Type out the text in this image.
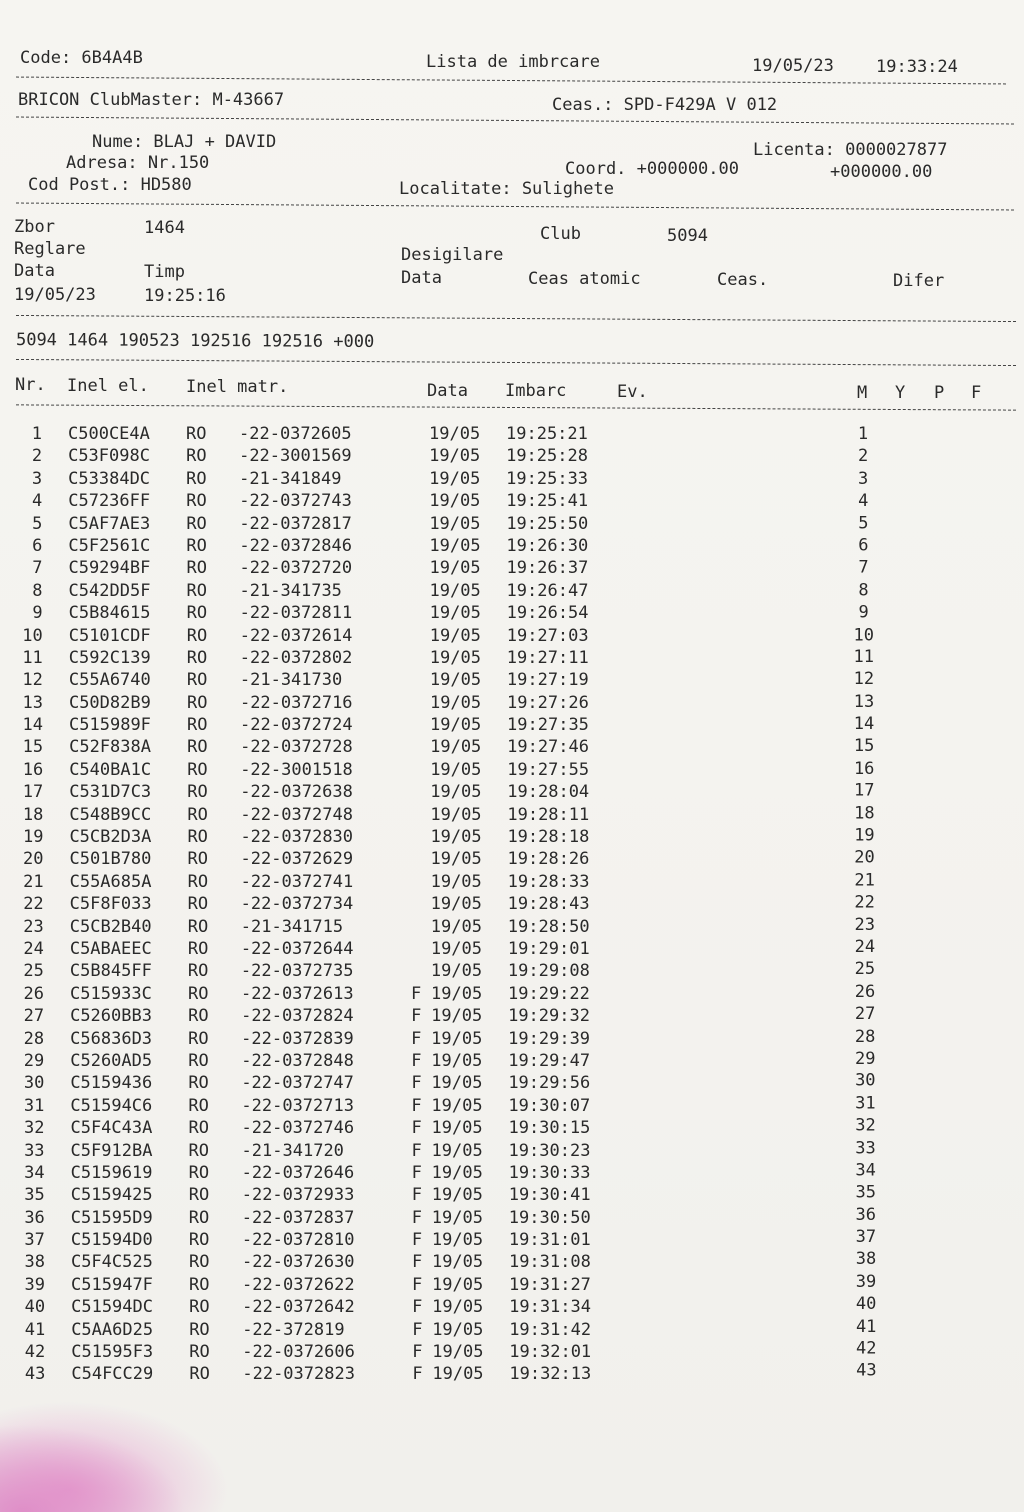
Code: 6B4A4B	Lista de imbrcare	19/05/23 19:33:24
BRICON ClubMaster: M-43667	Ceas.: SPD-F429A V 012
Nume: BLAJ + DAVID
Adresa: Nr.150
Cod Post.: HD580
Licenta: 0000027877
Coord. +000000.00	+000000.00
Localitate: Sulighete
Zbor	1464	Club	5094
Reglare	Desigilare
Data	Timp	Data	Ceas atomic	Ceas.	Difer
19/05/23	19:25:16
5094 1464 190523 192516 192516 +000
Nr. Inel el. Inel matr.	Data Imbarc	Ev.	M Y P F
1 C500CE4A RO -22-0372605	19/05 19:25:21	1
2 C53F098C RO -22-3001569	19/05 19:25:28	2
3 C53384DC RO -21-341849	19/05 19:25:33	3
4 C57236FF RO -22-0372743	19/05 19:25:41	4
5 C5AF7AE3 RO -22-0372817	19/05 19:25:50	5
6 C5F2561C RO -22-0372846	19/05 19:26:30	6
7 C59294BF RO -22-0372720	19/05 19:26:37	7
8 C542DD5F RO -21-341735	19/05 19:26:47	8
9 C5B84615 RO -22-0372811	19/05 19:26:54	9
10 C5101CDF RO -22-0372614	19/05 19:27:03	10
11 C592C139 RO -22-0372802	19/05 19:27:11	11
12 C55A6740 RO -21-341730	19/05 19:27:19	12
13 C50D82B9 RO -22-0372716	19/05 19:27:26	13
14 C515989F RO -22-0372724	19/05 19:27:35	14
15 C52F838A RO -22-0372728	19/05 19:27:46	15
16 C540BA1C RO -22-3001518	19/05 19:27:55	16
17 C531D7C3 RO -22-0372638	19/05 19:28:04	17
18 C548B9CC RO -22-0372748	19/05 19:28:11	18
19 C5CB2D3A RO -22-0372830	19/05 19:28:18	19
20 C501B780 RO -22-0372629	19/05 19:28:26	20
21 C55A685A RO -22-0372741	19/05 19:28:33	21
22 C5F8F033 RO -22-0372734	19/05 19:28:43	22
23 C5CB2B40 RO -21-341715	19/05 19:28:50	23
24 C5ABAEEC RO -22-0372644	19/05 19:29:01	24
25 C5B845FF RO -22-0372735	19/05 19:29:08	25
26 C515933C RO -22-0372613	F 19/05 19:29:22	26
27 C5260BB3 RO -22-0372824	F 19/05 19:29:32	27
28 C56836D3 RO -22-0372839	F 19/05 19:29:39	28
29 C5260AD5 RO -22-0372848	F 19/05 19:29:47	29
30 C5159436 RO -22-0372747	F 19/05 19:29:56	30
31 C51594C6 RO -22-0372713	F 19/05 19:30:07	31
32 C5F4C43A RO -22-0372746	F 19/05 19:30:15	32
33 C5F912BA RO -21-341720	F 19/05 19:30:23	33
34 C5159619 RO -22-0372646	F 19/05 19:30:33	34
35 C5159425 RO -22-0372933	F 19/05 19:30:41	35
36 C51595D9 RO -22-0372837	F 19/05 19:30:50	36
37 C51594D0 RO -22-0372810	F 19/05 19:31:01	37
38 C5F4C525 RO -22-0372630	F 19/05 19:31:08	38
39 C515947F RO -22-0372622	F 19/05 19:31:27	39
40 C51594DC RO -22-0372642	F 19/05 19:31:34	40
41 C5AA6D25 RO -22-372819	F 19/05 19:31:42	41
42 C51595F3 RO -22-0372606	F 19/05 19:32:01	42
43 C54FCC29 RO -22-0372823	F 19/05 19:32:13	43
